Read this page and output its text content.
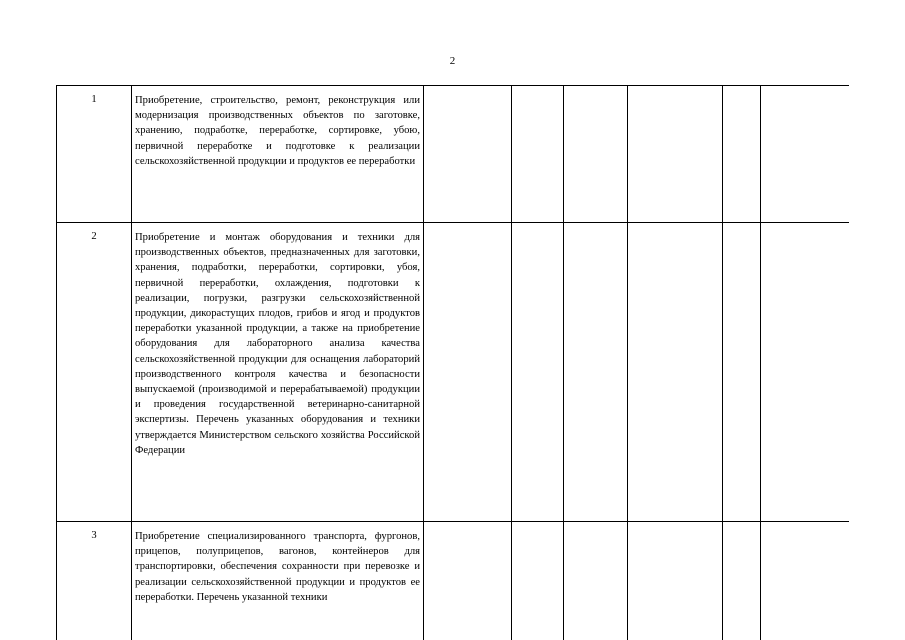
2
1	Приобретение, строительство, ремонт, реконструкция или модернизация производственных объектов по заготовке, хранению, подработке, переработке, сортировке, убою, первичной переработке и подготовке к реализации сельскохозяйственной продукции и продуктов ее переработки						
2	Приобретение и монтаж оборудования и техники для производственных объектов, предназначенных для заготовки, хранения, подработки, переработки, сортировки, убоя, первичной переработки, охлаждения, подготовки к реализации, погрузки, разгрузки сельскохозяйственной продукции, дикорастущих плодов, грибов и ягод и продуктов переработки указанной продукции, а также на приобретение оборудования для лабораторного анализа качества сельскохозяйственной продукции для оснащения лабораторий производственного контроля качества и безопасности выпускаемой (производимой и перерабатываемой) продукции и проведения государственной ветеринарно-санитарной экспертизы. Перечень указанных оборудования и техники утверждается Министерством сельского хозяйства Российской Федерации						
3	Приобретение специализированного транспорта, фургонов, прицепов, полуприцепов, вагонов, контейнеров для транспортировки, обеспечения сохранности при перевозке и реализации сельскохозяйственной продукции и продуктов ее переработки. Перечень указанной техники						
